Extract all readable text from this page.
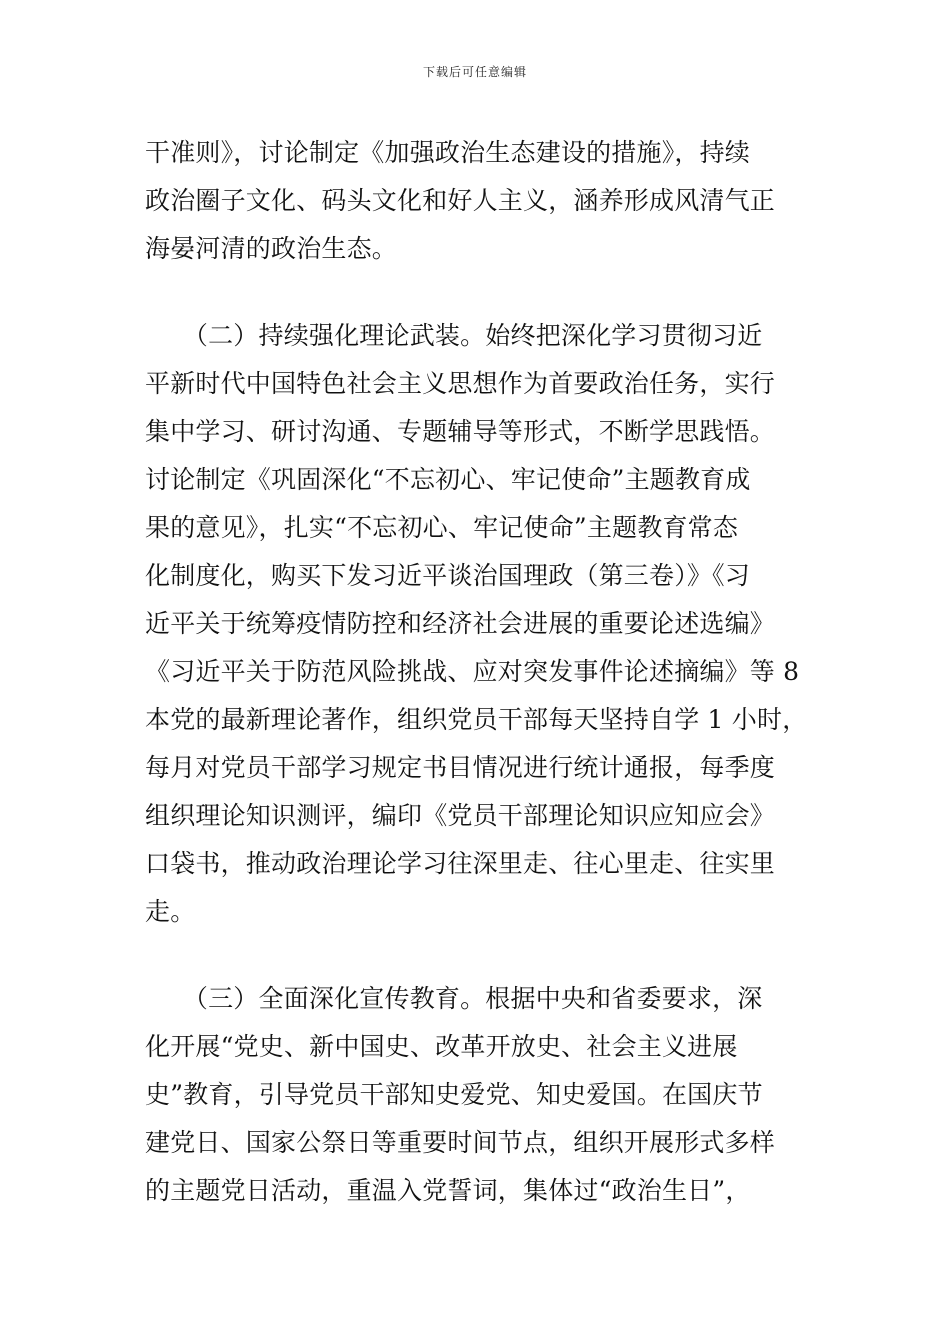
下载后可任意编辑
干准则》，讨论制定《加强政治生态建设的措施》，持续
政治圈子文化、码头文化和好人主义，涵养形成风清气正
海晏河清的政治生态。
　　（二）持续强化理论武装。始终把深化学习贯彻习近
平新时代中国特色社会主义思想作为首要政治任务，实行
集中学习、研讨沟通、专题辅导等形式，不断学思践悟。
讨论制定《巩固深化“不忘初心、牢记使命”主题教育成
果的意见》，扎实“不忘初心、牢记使命”主题教育常态
化制度化，购买下发习近平谈治国理政（第三卷）》《习
近平关于统筹疫情防控和经济社会进展的重要论述选编》
《习近平关于防范风险挑战、应对突发事件论述摘编》等 8
本党的最新理论著作，组织党员干部每天坚持自学 1 小时，
每月对党员干部学习规定书目情况进行统计通报，每季度
组织理论知识测评，编印《党员干部理论知识应知应会》
口袋书，推动政治理论学习往深里走、往心里走、往实里
走。
　　（三）全面深化宣传教育。根据中央和省委要求，深
化开展“党史、新中国史、改革开放史、社会主义进展
史”教育，引导党员干部知史爱党、知史爱国。在国庆节
建党日、国家公祭日等重要时间节点，组织开展形式多样
的主题党日活动，重温入党誓词，集体过“政治生日”，
